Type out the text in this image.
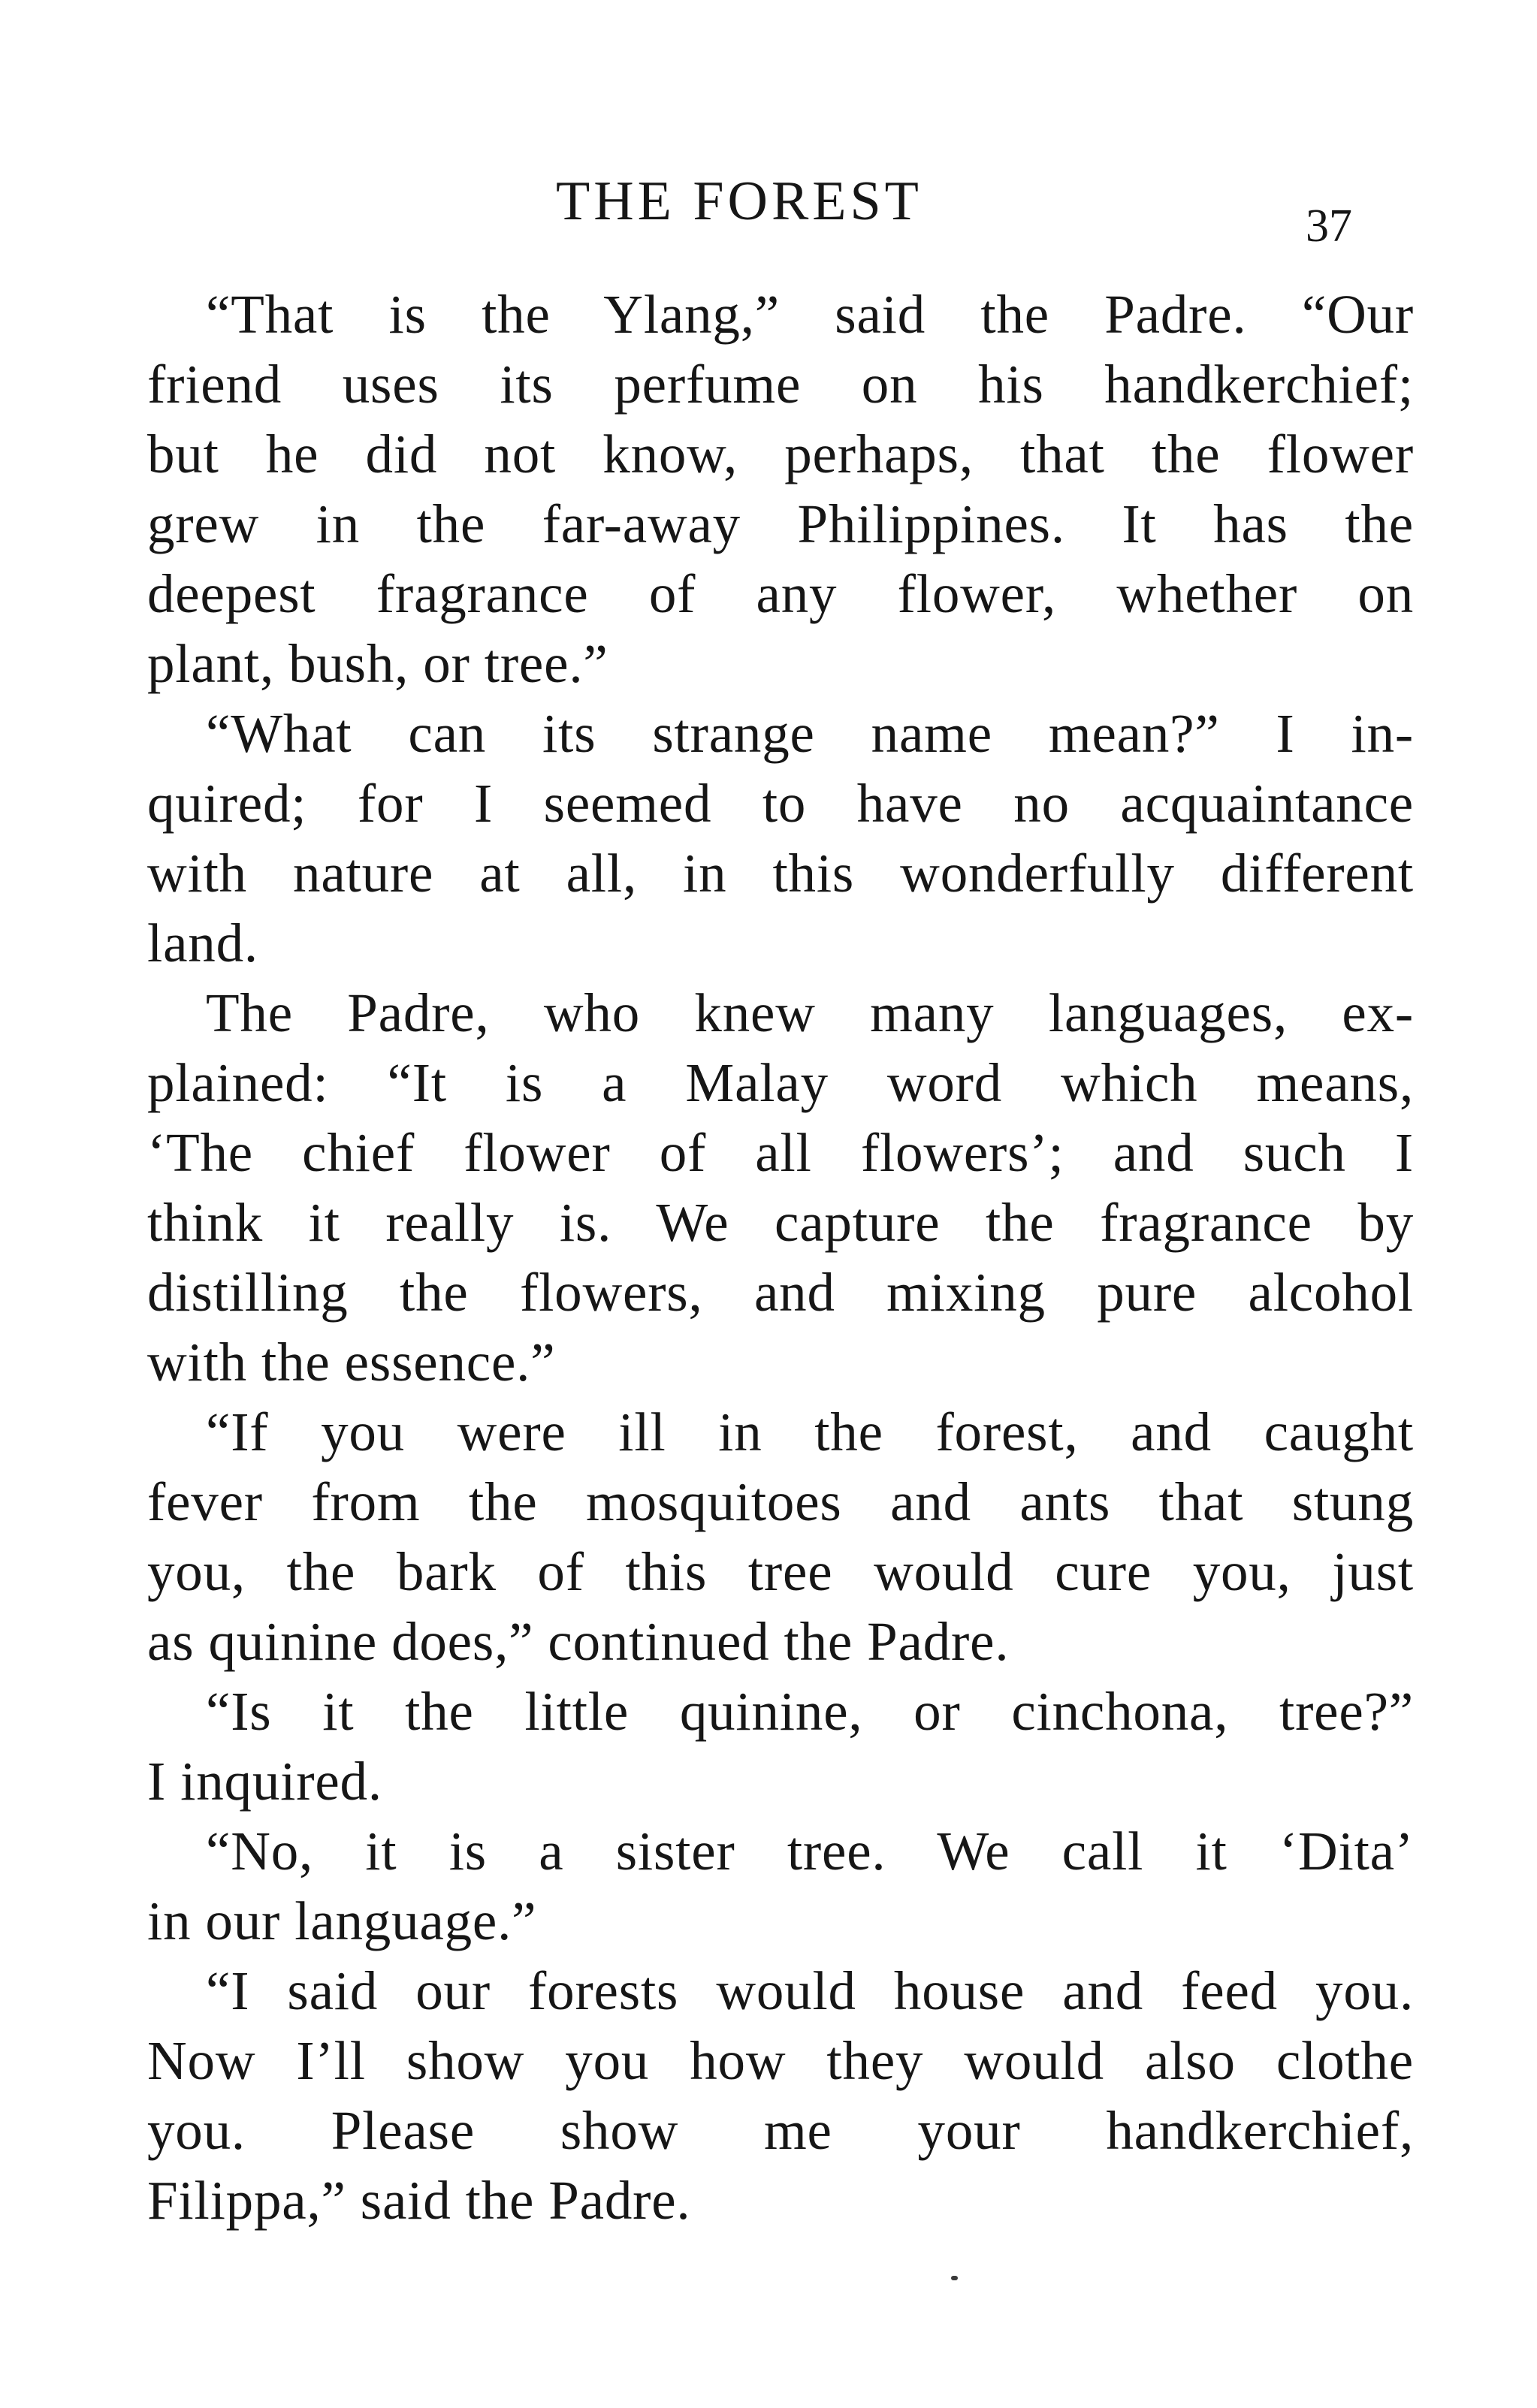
THE FOREST	37
“That is the Ylang,” said the Padre. “Our
friend uses its perfume on his handkerchief;
but he did not know, perhaps, that the flower
grew in the far-away Philippines. It has the
deepest fragrance of any flower, whether on
plant, bush, or tree.”
“What can its strange name mean?” I in-
quired; for I seemed to have no acquaintance
with nature at all, in this wonderfully different
land.
The Padre, who knew many languages, ex-
plained: “It is a Malay word which means,
‘The chief flower of all flowers’; and such I
think it really is. We capture the fragrance by
distilling the flowers, and mixing pure alcohol
with the essence.”
“If you were ill in the forest, and caught
fever from the mosquitoes and ants that stung
you, the bark of this tree would cure you, just
as quinine does,” continued the Padre.
“Is it the little quinine, or cinchona, tree?”
I inquired.
“No, it is a sister tree. We call it ‘Dita’
in our language.”
“I said our forests would house and feed you.
Now I’ll show you how they would also clothe
you. Please show me your handkerchief,
Filippa,” said the Padre.
